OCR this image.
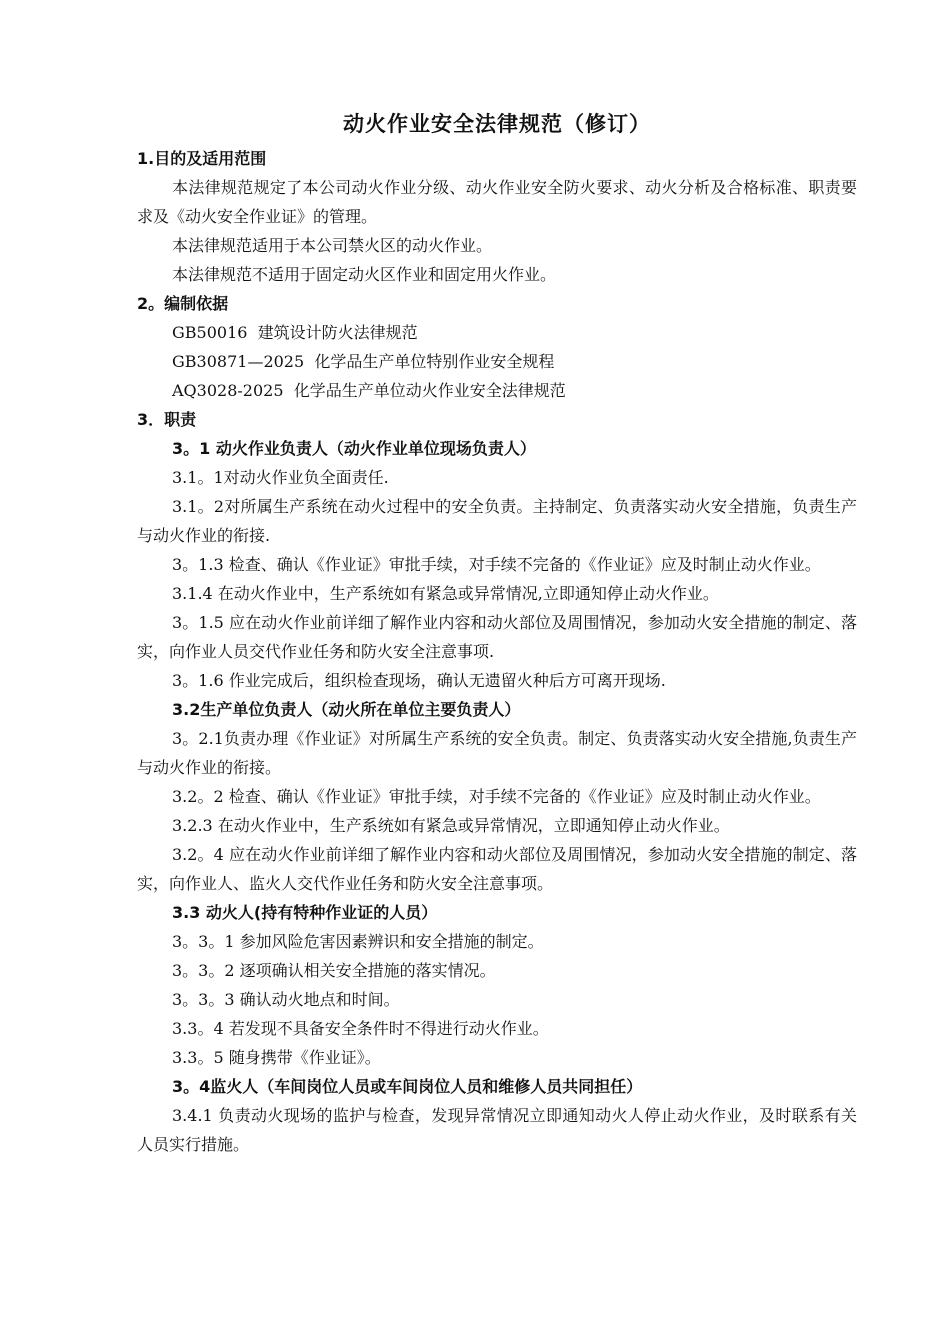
动火作业安全法律规范（修订）
1.目的及适用范围
本法律规范规定了本公司动火作业分级、动火作业安全防火要求、动火分析及合格标准、职责要求及《动火安全作业证》的管理。
本法律规范适用于本公司禁火区的动火作业。
本法律规范不适用于固定动火区作业和固定用火作业。
2。编制依据
GB50016  建筑设计防火法律规范
GB30871—2025  化学品生产单位特别作业安全规程
AQ3028-2025  化学品生产单位动火作业安全法律规范
3．职责
3。1 动火作业负责人（动火作业单位现场负责人）
3.1。1对动火作业负全面责任.
3.1。2对所属生产系统在动火过程中的安全负责。主持制定、负责落实动火安全措施，负责生产与动火作业的衔接.
3。1.3 检查、确认《作业证》审批手续，对手续不完备的《作业证》应及时制止动火作业。
3.1.4 在动火作业中，生产系统如有紧急或异常情况,立即通知停止动火作业。
3。1.5 应在动火作业前详细了解作业内容和动火部位及周围情况，参加动火安全措施的制定、落实，向作业人员交代作业任务和防火安全注意事项.
3。1.6 作业完成后，组织检查现场，确认无遗留火种后方可离开现场.
3.2生产单位负责人（动火所在单位主要负责人）
3。2.1负责办理《作业证》对所属生产系统的安全负责。制定、负责落实动火安全措施,负责生产与动火作业的衔接。
3.2。2 检查、确认《作业证》审批手续，对手续不完备的《作业证》应及时制止动火作业。
3.2.3 在动火作业中，生产系统如有紧急或异常情况，立即通知停止动火作业。
3.2。4 应在动火作业前详细了解作业内容和动火部位及周围情况，参加动火安全措施的制定、落实，向作业人、监火人交代作业任务和防火安全注意事项。
3.3 动火人(持有特种作业证的人员）
3。3。1 参加风险危害因素辨识和安全措施的制定。
3。3。2 逐项确认相关安全措施的落实情况。
3。3。3 确认动火地点和时间。
3.3。4 若发现不具备安全条件时不得进行动火作业。
3.3。5 随身携带《作业证》。
3。4监火人（车间岗位人员或车间岗位人员和维修人员共同担任）
3.4.1 负责动火现场的监护与检查，发现异常情况立即通知动火人停止动火作业，及时联系有关人员实行措施。
